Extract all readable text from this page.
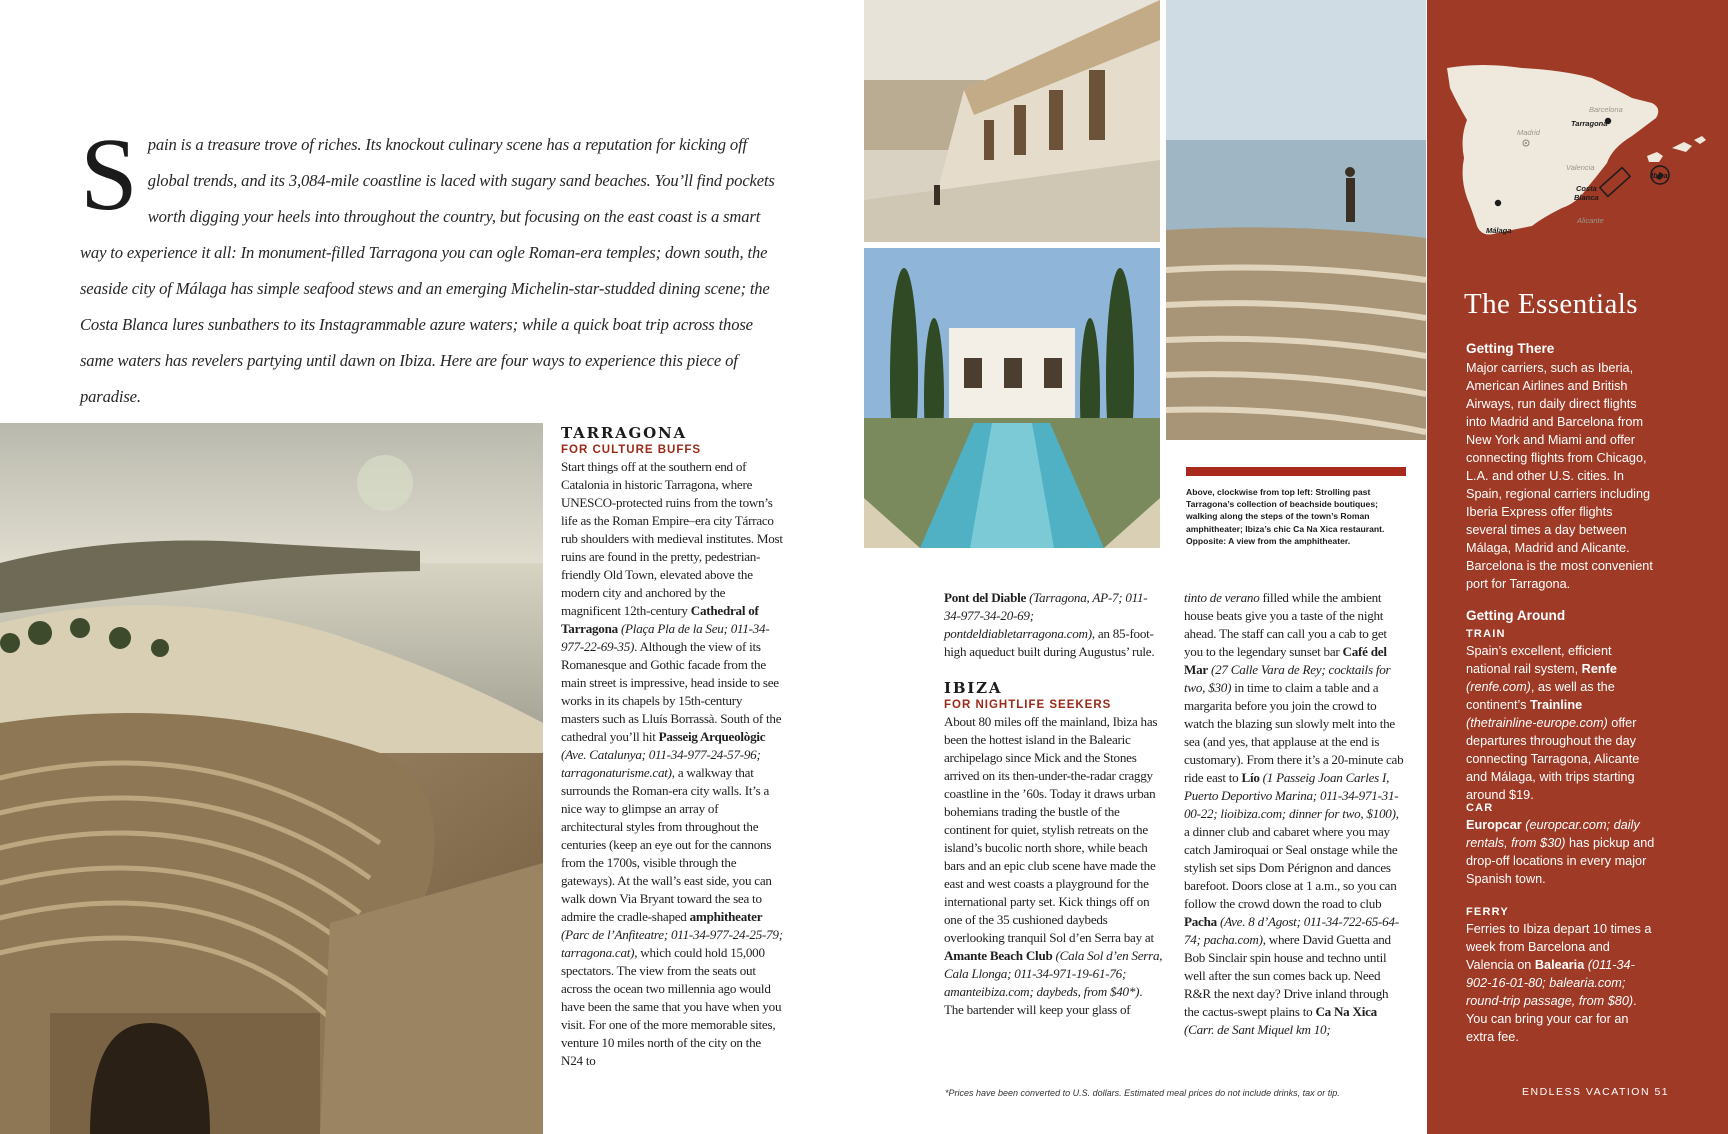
Spain is a treasure trove of riches. Its knockout culinary scene has a reputation for kicking off global trends, and its 3,084-mile coastline is laced with sugary sand beaches. You’ll find pockets worth digging your heels into throughout the country, but focusing on the east coast is a smart way to experience it all: In monument-filled Tarragona you can ogle Roman-era temples; down south, the seaside city of Málaga has simple seafood stews and an emerging Michelin-star-studded dining scene; the Costa Blanca lures sunbathers to its Instagrammable azure waters; while a quick boat trip across those same waters has revelers partying until dawn on Ibiza. Here are four ways to experience this piece of paradise.
TARRAGONA
FOR CULTURE BUFFS

Start things off at the southern end of Catalonia in historic Tarragona, where UNESCO-protected ruins from the town’s life as the Roman Empire–era city Tárraco rub shoulders with medieval institutes. Most ruins are found in the pretty, pedestrian-friendly Old Town, elevated above the modern city and anchored by the magnificent 12th-century Cathedral of Tarragona (Plaça Pla de la Seu; 011-34-977-22-69-35). Although the view of its Romanesque and Gothic facade from the main street is impressive, head inside to see works in its chapels by 15th-century masters such as Lluís Borrassà. South of the cathedral you’ll hit Passeig Arqueològic (Ave. Catalunya; 011-34-977-24-57-96; tarragonaturisme.cat), a walkway that surrounds the Roman-era city walls. It’s a nice way to glimpse an array of architectural styles from throughout the centuries (keep an eye out for the cannons from the 1700s, visible through the gateways). At the wall’s east side, you can walk down Via Bryant toward the sea to admire the cradle-shaped amphitheater (Parc de l’Anfiteatre; 011-34-977-24-25-79; tarragona.cat), which could hold 15,000 spectators. The view from the seats out across the ocean two millennia ago would have been the same that you have when you visit. For one of the more memorable sites, venture 10 miles north of the city on the N24 to

Pont del Diable (Tarragona, AP-7; 011-34-977-34-20-69; pontdeldiabletarragona.com), an 85-foot-high aqueduct built during Augustus’ rule.

IBIZA
FOR NIGHTLIFE SEEKERS

About 80 miles off the mainland, Ibiza has been the hottest island in the Balearic archipelago since Mick and the Stones arrived on its then-under-the-radar craggy coastline in the ’60s. Today it draws urban bohemians trading the bustle of the continent for quiet, stylish retreats on the island’s bucolic north shore, while beach bars and an epic club scene have made the east and west coasts a playground for the international party set. Kick things off on one of the 35 cushioned daybeds overlooking tranquil Sol d’en Serra bay at Amante Beach Club (Cala Sol d’en Serra, Cala Llonga; 011-34-971-19-61-76; amanteibiza.com; daybeds, from $40*). The bartender will keep your glass of

tinto de verano filled while the ambient house beats give you a taste of the night ahead. The staff can call you a cab to get you to the legendary sunset bar Café del Mar (27 Calle Vara de Rey; cocktails for two, $30) in time to claim a table and a margarita before you join the crowd to watch the blazing sun slowly melt into the sea (and yes, that applause at the end is customary). From there it’s a 20-minute cab ride east to Lío (1 Passeig Joan Carles I, Puerto Deportivo Marina; 011-34-971-31-00-22; lioibiza.com; dinner for two, $100), a dinner club and cabaret where you may catch Jamiroquai or Seal onstage while the stylish set sips Dom Pérignon and dances barefoot. Doors close at 1 a.m., so you can follow the crowd down the road to club Pacha (Ave. 8 d’Agost; 011-34-722-65-64-74; pacha.com), where David Guetta and Bob Sinclair spin house and techno until well after the sun comes back up. Need R&R the next day? Drive inland through the cactus-swept plains to Ca Na Xica (Carr. de Sant Miquel km 10;

Above, clockwise from top left: Strolling past Tarragona’s collection of beachside boutiques; walking along the steps of the town’s Roman amphitheater; Ibiza’s chic Ca Na Xica restaurant. Opposite: A view from the amphitheater.
*Prices have been converted to U.S. dollars. Estimated meal prices do not include drinks, tax or tip.
Barcelona
Tarragona
Madrid
Valencia
Ibiza
Costa
Blanca
Alicante
Málaga
The Essentials
Getting There
Major carriers, such as Iberia, American Airlines and British Airways, run daily direct flights into Madrid and Barcelona from New York and Miami and offer connecting flights from Chicago, L.A. and other U.S. cities. In Spain, regional carriers including Iberia Express offer flights several times a day between Málaga, Madrid and Alicante. Barcelona is the most convenient port for Tarragona.
Getting Around
TRAIN
Spain’s excellent, efficient national rail system, Renfe (renfe.com), as well as the continent’s Trainline (thetrainline-europe.com) offer departures throughout the day connecting Tarragona, Alicante and Málaga, with trips starting around $19.
CAR
Europcar (europcar.com; daily rentals, from $30) has pickup and drop-off locations in every major Spanish town.
FERRY
Ferries to Ibiza depart 10 times a week from Barcelona and Valencia on Balearia (011-34-902-16-01-80; balearia.com; round-trip passage, from $80). You can bring your car for an extra fee.
ENDLESS VACATION 51
